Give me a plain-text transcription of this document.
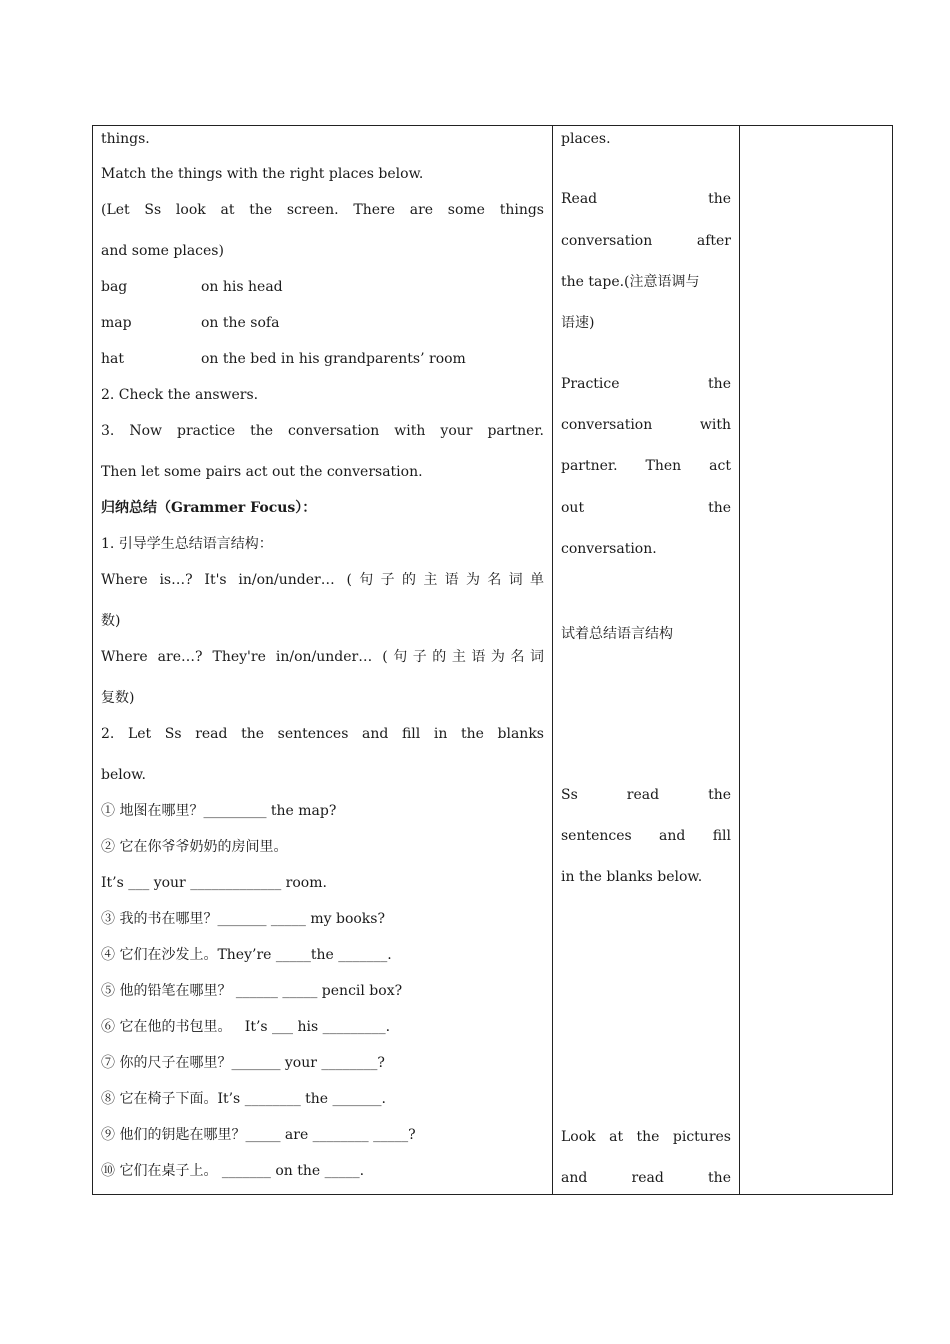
things.
Match the things with the right places below.
(Let Ss look at the screen. There are some things
and some places)
bag	on his head
map	on the sofa
hat	on the bed in his grandparents’ room
2. Check the answers.
3. Now practice the conversation with your partner.
Then let some pairs act out the conversation.
归纳总结（Grammer Focus）：
1. 引导学生总结语言结构：
Where is…? It's in/on/under… (句子的主语为名词单
数)
Where are…? They're in/on/under… (句子的主语为名词
复数)
2. Let Ss read the sentences and fill in the blanks
below.
① 地图在哪里？_________ the map?
② 它在你爷爷奶奶的房间里。
It’s ___ your _____________ room.
③ 我的书在哪里？_______ _____ my books?
④ 它们在沙发上。They’re _____the _______.
⑤ 他的铅笔在哪里？ ______ _____ pencil box?
⑥ 它在他的书包里。   It’s ___ his _________.
⑦ 你的尺子在哪里？_______ your ________?
⑧ 它在椅子下面。It’s ________ the _______.
⑨ 他们的钥匙在哪里？_____ are ________ _____?
⑩ 它们在桌子上。 _______ on the _____.

places.
Read the
conversation after
the tape.(注意语调与
语速)
Practice the
conversation with
partner. Then act
out the
conversation.
试着总结语言结构
Ss read the
sentences and fill
in the blanks below.
Look at the pictures
and read the
